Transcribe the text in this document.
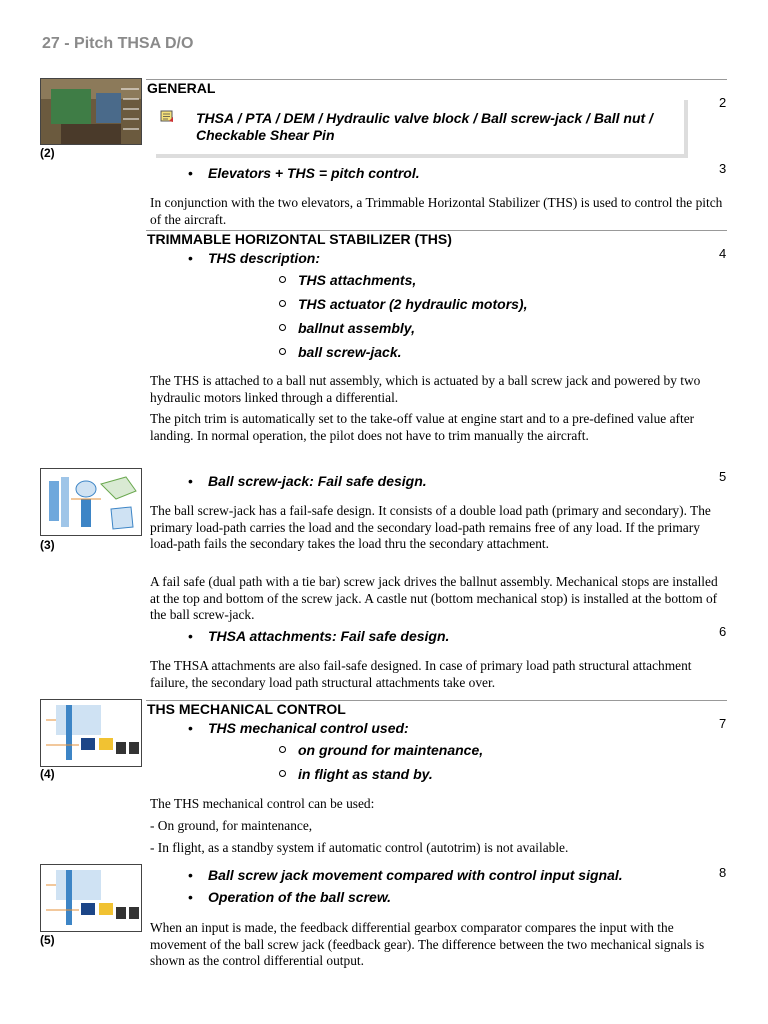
27 - Pitch THSA D/O
(2)
GENERAL
2
THSA / PTA / DEM / Hydraulic valve block / Ball screw-jack / Ball nut / Checkable Shear Pin
3
• Elevators + THS = pitch control.
In conjunction with the two elevators, a Trimmable Horizontal Stabilizer (THS) is used to control the pitch of the aircraft.
TRIMMABLE HORIZONTAL STABILIZER (THS)
4
• THS description:
THS attachments,
THS actuator (2 hydraulic motors),
ballnut assembly,
ball screw-jack.
The THS is attached to a ball nut assembly, which is actuated by a ball screw jack and powered by two hydraulic motors linked through a differential.
The pitch trim is automatically set to the take-off value at engine start and to a pre-defined value after landing. In normal operation, the pilot does not have to trim manually the aircraft.
(3)
5
• Ball screw-jack: Fail safe design.
The ball screw-jack has a fail-safe design. It consists of a double load path (primary and secondary). The primary load-path carries the load and the secondary load-path remains free of any load. If the primary load-path fails the secondary takes the load thru the secondary attachment.
A fail safe (dual path with a tie bar) screw jack drives the ballnut assembly. Mechanical stops are installed at the top and bottom of the screw jack. A castle nut (bottom mechanical stop) is installed at the bottom of the ball screw-jack.
6
• THSA attachments: Fail safe design.
The THSA attachments are also fail-safe designed. In case of primary load path structural attachment failure, the secondary load path structural attachments take over.
THS MECHANICAL CONTROL
7
(4)
• THS mechanical control used:
on ground for maintenance,
in flight as stand by.
The THS mechanical control can be used:
- On ground, for maintenance,
- In flight, as a standby system if automatic control (autotrim) is not available.
(5)
8
• Ball screw jack movement compared with control input signal.
• Operation of the ball screw.
When an input is made, the feedback differential gearbox comparator compares the input with the movement of the ball screw jack (feedback gear). The difference between the two mechanical signals is shown as the control differential output.
